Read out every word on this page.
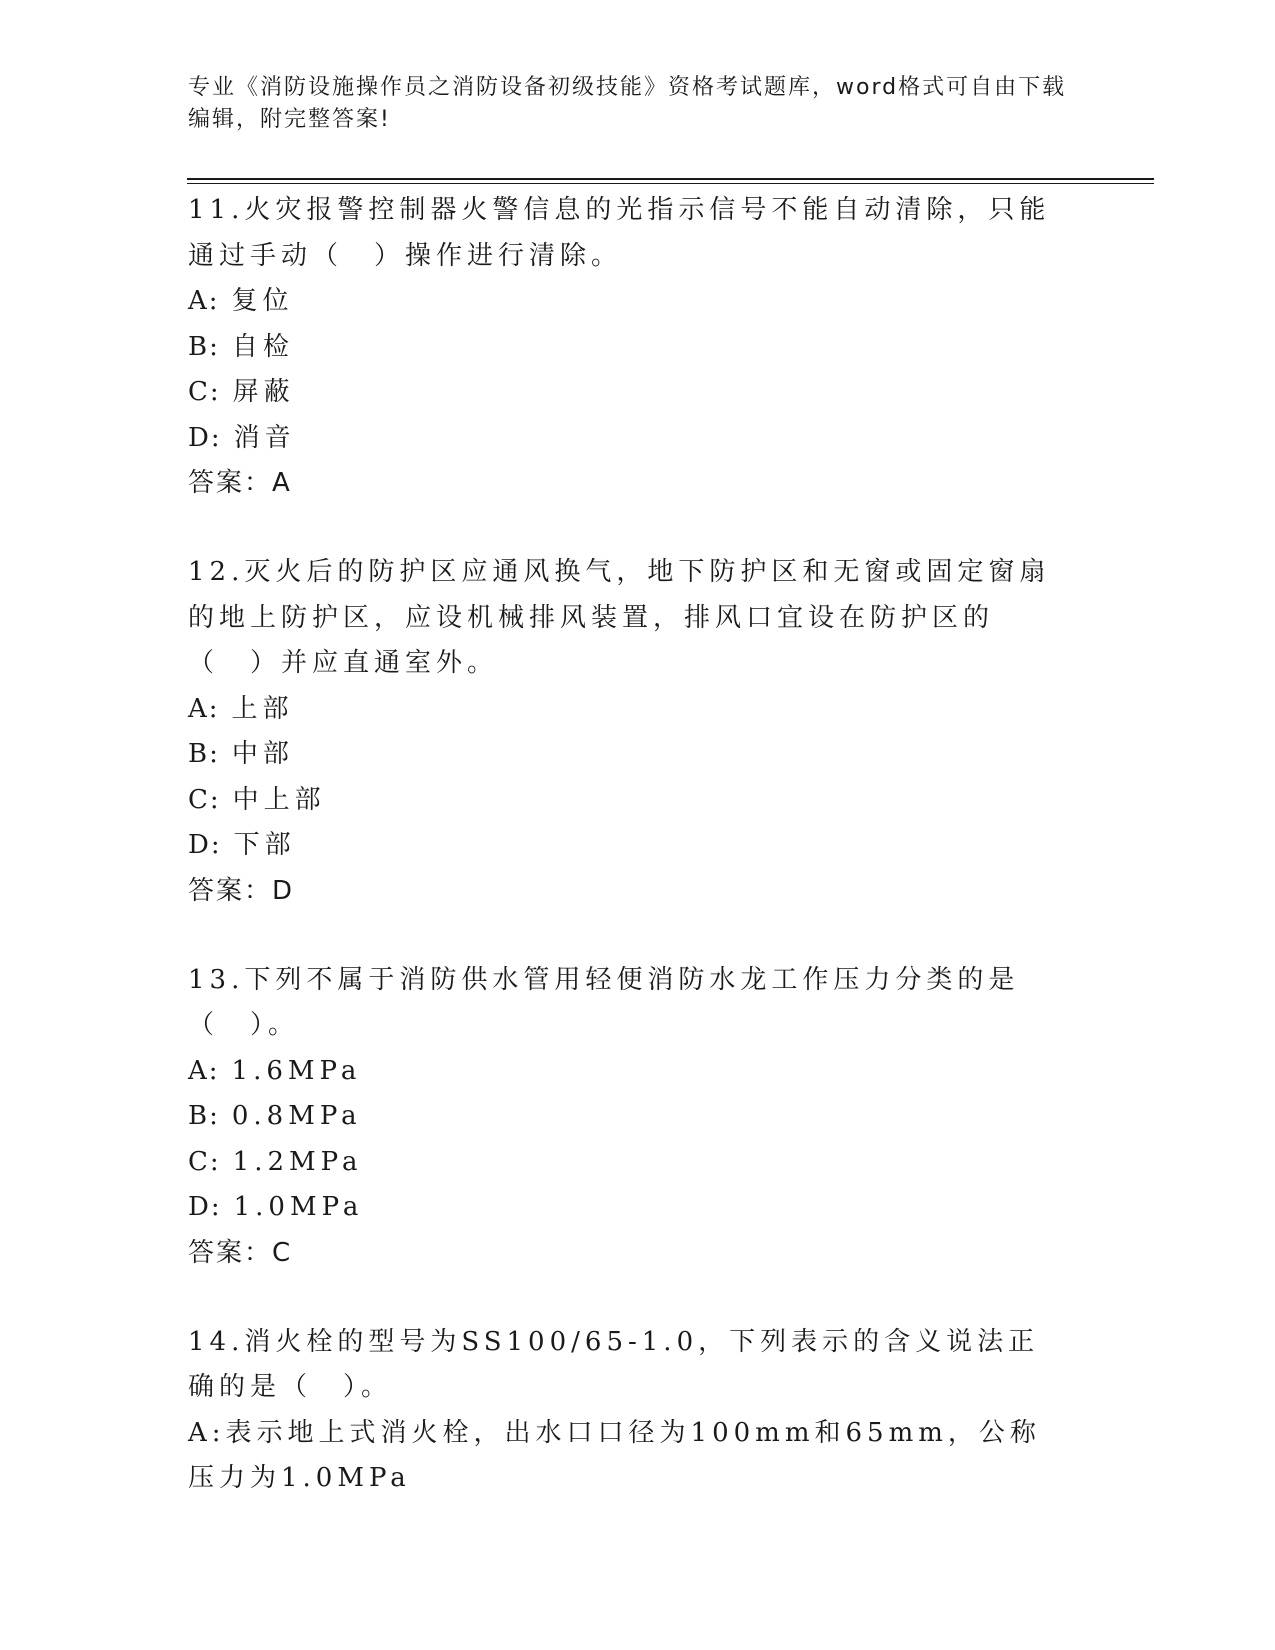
专业《消防设施操作员之消防设备初级技能》资格考试题库，word格式可自由下载编辑，附完整答案!
11.火灾报警控制器火警信息的光指示信号不能自动清除，只能通过手动（　）操作进行清除。
A: 复位
B: 自检
C: 屏蔽
D: 消音
答案：A
12.灭火后的防护区应通风换气，地下防护区和无窗或固定窗扇的地上防护区，应设机械排风装置，排风口宜设在防护区的（　）并应直通室外。
A: 上部
B: 中部
C: 中上部
D: 下部
答案：D
13.下列不属于消防供水管用轻便消防水龙工作压力分类的是（　）。
A: 1.6MPa
B: 0.8MPa
C: 1.2MPa
D: 1.0MPa
答案：C
14.消火栓的型号为SS100/65-1.0，下列表示的含义说法正确的是（　）。
A:表示地上式消火栓，出水口口径为100mm和65mm，公称压力为1.0MPa
